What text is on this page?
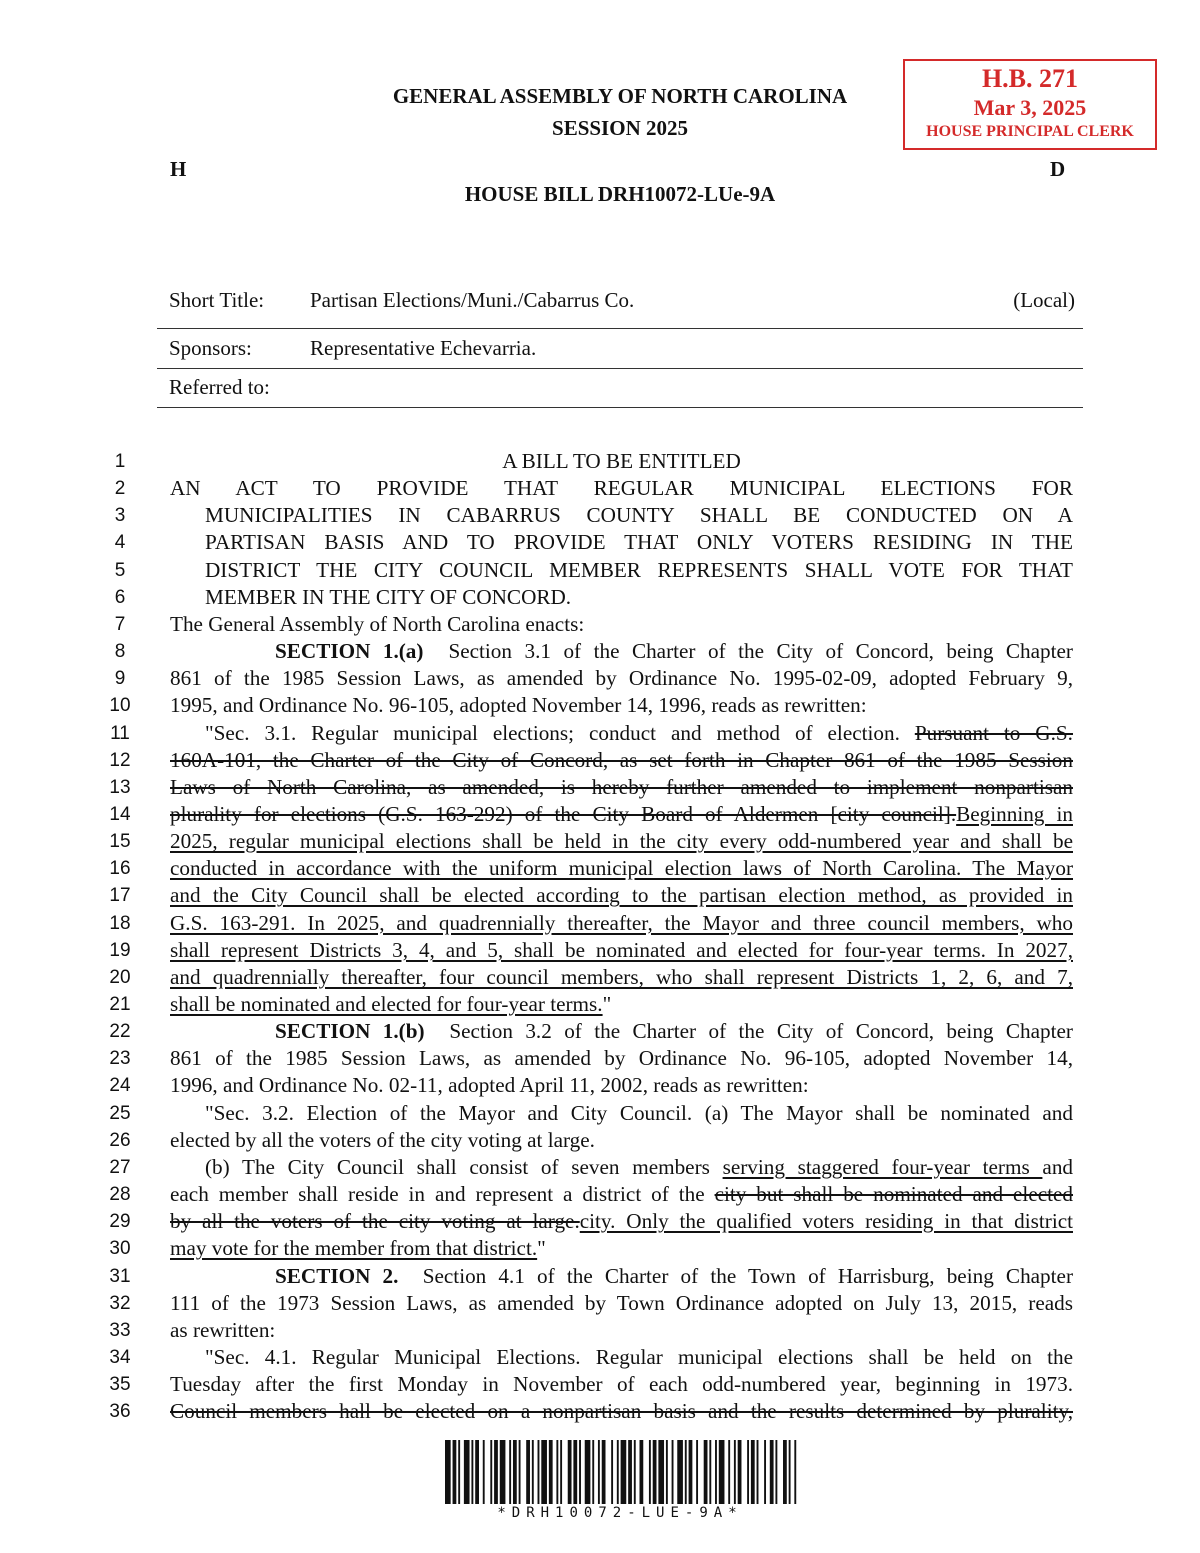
GENERAL ASSEMBLY OF NORTH CAROLINA
SESSION 2025
H	D
HOUSE BILL DRH10072-LUe-9A
H.B. 271
Mar 3, 2025
HOUSE PRINCIPAL CLERK
Short Title: Partisan Elections/Muni./Cabarrus Co.	(Local)
Sponsors:	Representative Echevarria.
Referred to:
1	A BILL TO BE ENTITLED
2	AN ACT TO PROVIDE THAT REGULAR MUNICIPAL ELECTIONS FOR
3	MUNICIPALITIES IN CABARRUS COUNTY SHALL BE CONDUCTED ON A
4	PARTISAN BASIS AND TO PROVIDE THAT ONLY VOTERS RESIDING IN THE
5	DISTRICT THE CITY COUNCIL MEMBER REPRESENTS SHALL VOTE FOR THAT
6	MEMBER IN THE CITY OF CONCORD.
7	The General Assembly of North Carolina enacts:
8	SECTION 1.(a)  Section 3.1 of the Charter of the City of Concord, being Chapter
9	861 of the 1985 Session Laws, as amended by Ordinance No. 1995-02-09, adopted February 9,
10	1995, and Ordinance No. 96-105, adopted November 14, 1996, reads as rewritten:
11	"Sec. 3.1. Regular municipal elections; conduct and method of election. Pursuant to G.S.
12	160A-101, the Charter of the City of Concord, as set forth in Chapter 861 of the 1985 Session
13	Laws of North Carolina, as amended, is hereby further amended to implement nonpartisan
14	plurality for elections (G.S. 163-292) of the City Board of Aldermen [city council].Beginning in
15	2025, regular municipal elections shall be held in the city every odd-numbered year and shall be
16	conducted in accordance with the uniform municipal election laws of North Carolina. The Mayor
17	and the City Council shall be elected according to the partisan election method, as provided in
18	G.S. 163-291. In 2025, and quadrennially thereafter, the Mayor and three council members, who
19	shall represent Districts 3, 4, and 5, shall be nominated and elected for four-year terms. In 2027,
20	and quadrennially thereafter, four council members, who shall represent Districts 1, 2, 6, and 7,
21	shall be nominated and elected for four-year terms."
22	SECTION 1.(b)  Section 3.2 of the Charter of the City of Concord, being Chapter
23	861 of the 1985 Session Laws, as amended by Ordinance No. 96-105, adopted November 14,
24	1996, and Ordinance No. 02-11, adopted April 11, 2002, reads as rewritten:
25	"Sec. 3.2. Election of the Mayor and City Council. (a) The Mayor shall be nominated and
26	elected by all the voters of the city voting at large.
27	(b) The City Council shall consist of seven members serving staggered four-year terms and
28	each member shall reside in and represent a district of the city but shall be nominated and elected
29	by all the voters of the city voting at large.city. Only the qualified voters residing in that district
30	may vote for the member from that district."
31	SECTION 2.  Section 4.1 of the Charter of the Town of Harrisburg, being Chapter
32	111 of the 1973 Session Laws, as amended by Town Ordinance adopted on July 13, 2015, reads
33	as rewritten:
34	"Sec. 4.1. Regular Municipal Elections. Regular municipal elections shall be held on the
35	Tuesday after the first Monday in November of each odd-numbered year, beginning in 1973.
36	Council members hall be elected on a nonpartisan basis and the results determined by plurality,
*DRH10072-LUE-9A*
